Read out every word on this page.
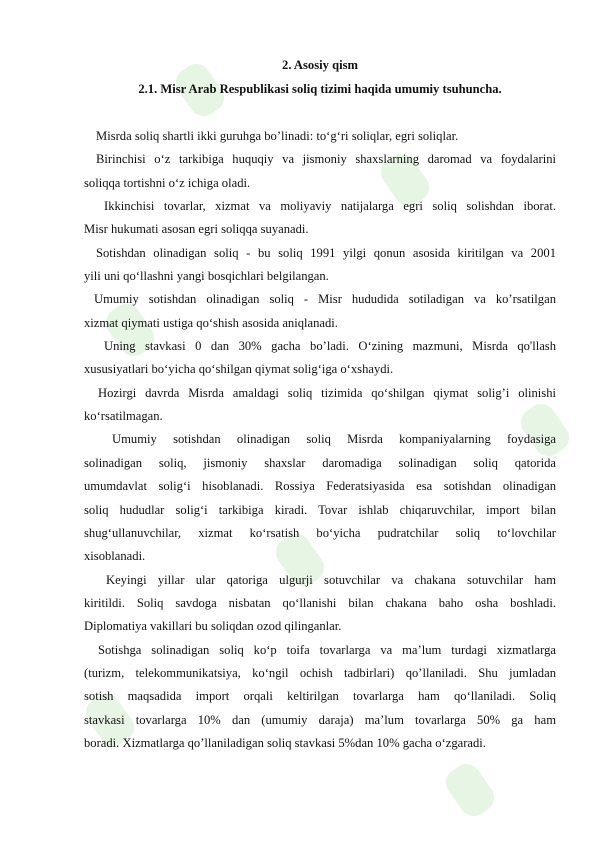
2. Asosiy qism
2.1. Misr Arab Respublikasi soliq tizimi haqida umumiy tsuhuncha.
Misrda soliq shartli ikki guruhga bo’linadi: to‘g‘ri soliqlar, egri soliqlar.
Birinchisi o‘z tarkibiga huquqiy va jismoniy shaxslarning daromad va foydalarini
soliqqa tortishni o‘z ichiga oladi.
Ikkinchisi tovarlar, xizmat va moliyaviy natijalarga egri soliq solishdan iborat.
Misr hukumati asosan egri soliqqa suyanadi.
Sotishdan olinadigan soliq - bu soliq 1991 yilgi qonun asosida kiritilgan va 2001
yili uni qo‘llashni yangi bosqichlari belgilangan.
Umumiy sotishdan olinadigan soliq - Misr hududida sotiladigan va ko’rsatilgan
xizmat qiymati ustiga qo‘shish asosida aniqlanadi.
Uning stavkasi 0 dan 30% gacha bo’ladi. O‘zining mazmuni, Misrda qo'llash
xususiyatlari bo‘yicha qo‘shilgan qiymat solig‘iga o‘xshaydi.
Hozirgi davrda Misrda amaldagi soliq tizimida qo‘shilgan qiymat solig’i olinishi
ko‘rsatilmagan.
Umumiy sotishdan olinadigan soliq Misrda kompaniyalarning foydasiga
solinadigan soliq, jismoniy shaxslar daromadiga solinadigan soliq qatorida
umumdavlat solig‘i hisoblanadi. Rossiya Federatsiyasida esa sotishdan olinadigan
soliq hududlar solig‘i tarkibiga kiradi. Tovar ishlab chiqaruvchilar, import bilan
shug‘ullanuvchilar, xizmat ko‘rsatish bo‘yicha pudratchilar soliq to‘lovchilar
xisoblanadi.
Keyingi yillar ular qatoriga ulgurji sotuvchilar va chakana sotuvchilar ham
kiritildi. Soliq savdoga nisbatan qo‘llanishi bilan chakana baho osha boshladi.
Diplomatiya vakillari bu soliqdan ozod qilinganlar.
Sotishga solinadigan soliq ko‘p toifa tovarlarga va ma’lum turdagi xizmatlarga
(turizm, telekommunikatsiya, ko‘ngil ochish tadbirlari) qo’llaniladi. Shu jumladan
sotish maqsadida import orqali keltirilgan tovarlarga ham qo‘llaniladi. Soliq
stavkasi tovarlarga 10% dan (umumiy daraja) ma’lum tovarlarga 50% ga ham
boradi. Xizmatlarga qo’llaniladigan soliq stavkasi 5%dan 10% gacha o‘zgaradi.
